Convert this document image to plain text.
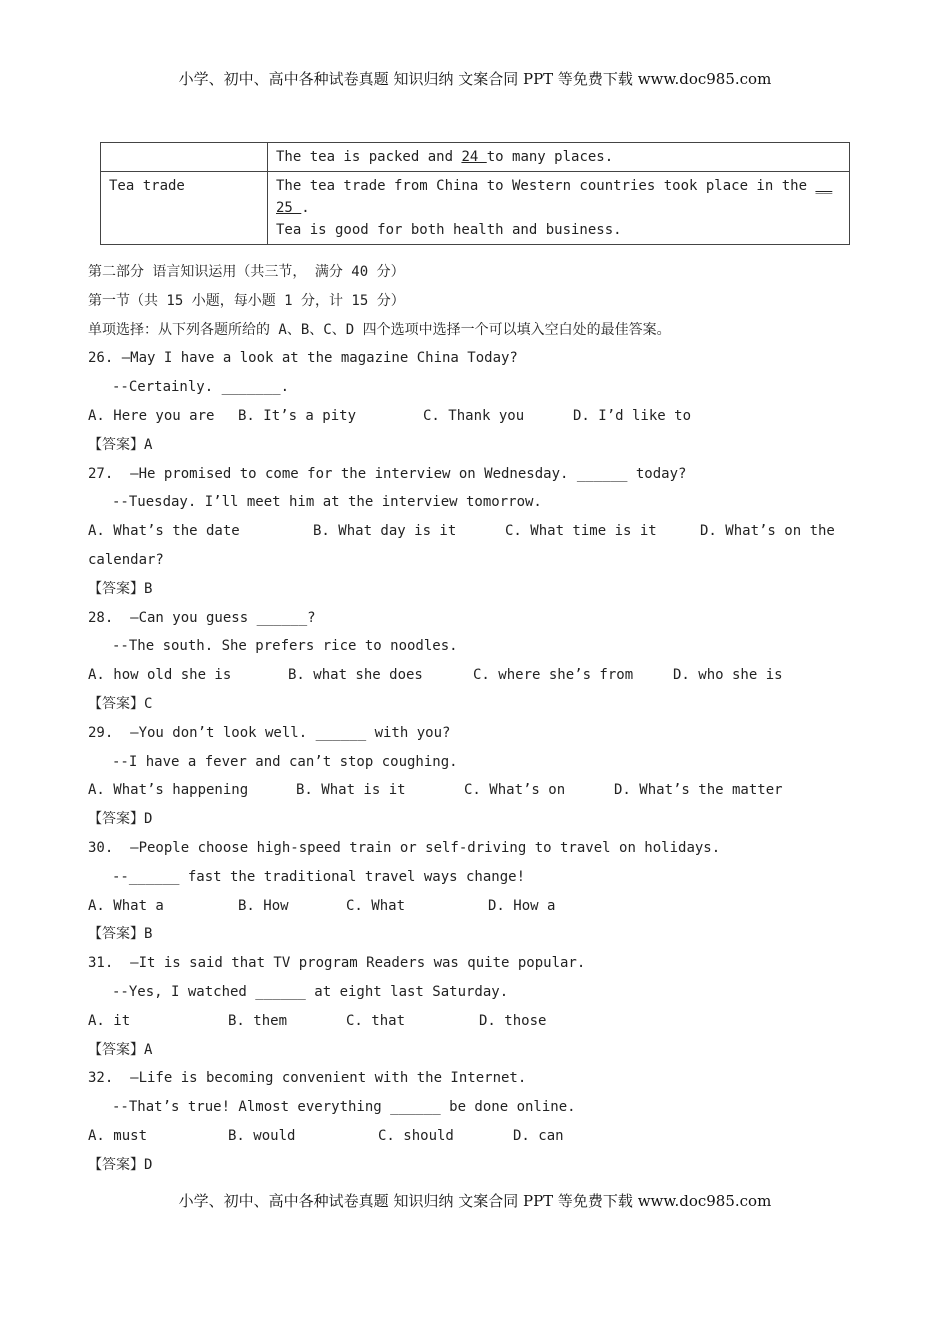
小学、初中、高中各种试卷真题 知识归纳 文案合同 PPT 等免费下载 www.doc985.com

	The tea is packed and 24 to many places.

Tea trade	The tea trade from China to Western countries took place in the __
25 .
Tea is good for both health and business.
第二部分 语言知识运用（共三节， 满分 40 分）
第一节（共 15 小题，每小题 1 分，计 15 分）
单项选择：从下列各题所给的 A、B、C、D 四个选项中选择一个可以填入空白处的最佳答案。
26. –May I have a look at the magazine China Today?
--Certainly. _______.
A. Here you are	B. It’s a pity	C. Thank you	D. I’d like to
【答案】A
27.  –He promised to come for the interview on Wednesday. ______ today?
--Tuesday. I’ll meet him at the interview tomorrow.
A. What’s the date	B. What day is it	C. What time is it	D. What’s on the
calendar?
【答案】B
28.  –Can you guess ______?
--The south. She prefers rice to noodles.
A. how old she is	B. what she does	C. where she’s from	D. who she is
【答案】C
29.  –You don’t look well. ______ with you?
--I have a fever and can’t stop coughing.
A. What’s happening	B. What is it	C. What’s on	D. What’s the matter
【答案】D
30.  –People choose high-speed train or self-driving to travel on holidays.
--______ fast the traditional travel ways change!
A. What a	B. How	C. What	D. How a
【答案】B
31.  –It is said that TV program Readers was quite popular.
--Yes, I watched ______ at eight last Saturday.
A. it	B. them	C. that	D. those
【答案】A
32.  –Life is becoming convenient with the Internet.
--That’s true! Almost everything ______ be done online.
A. must	B. would	C. should	D. can
【答案】D
小学、初中、高中各种试卷真题 知识归纳 文案合同 PPT 等免费下载 www.doc985.com
